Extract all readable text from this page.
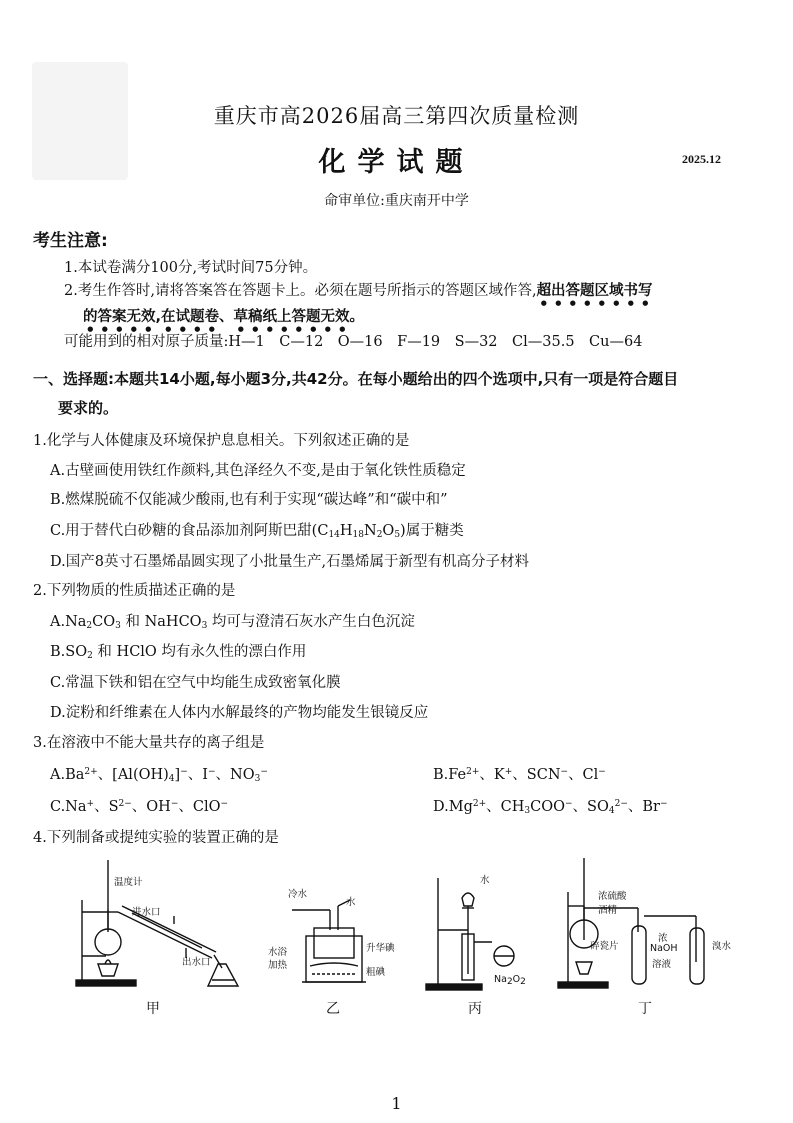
重庆市高2026届高三第四次质量检测
化学试题	2025.12
命审单位:重庆南开中学
考生注意:
1.本试卷满分100分,考试时间75分钟。
2.考生作答时,请将答案答在答题卡上。必须在题号所指示的答题区域作答,超出答题区域书写
的答案无效,在试题卷、草稿纸上答题无效。
可能用到的相对原子质量:H—1　C—12　O—16　F—19　S—32　Cl—35.5　Cu—64
一、选择题:本题共14小题,每小题3分,共42分。在每小题给出的四个选项中,只有一项是符合题目
要求的。
1.化学与人体健康及环境保护息息相关。下列叙述正确的是
A.古壁画使用铁红作颜料,其色泽经久不变,是由于氧化铁性质稳定
B.燃煤脱硫不仅能减少酸雨,也有利于实现“碳达峰”和“碳中和”
C.用于替代白砂糖的食品添加剂阿斯巴甜$(C_{14}H_{18}N_2O_5)$属于糖类
D.国产8英寸石墨烯晶圆实现了小批量生产,石墨烯属于新型有机高分子材料
2.下列物质的性质描述正确的是
$A.Na_2CO_3$ 和 NaHCO$_3$ 均可与澄清石灰水产生白色沉淀
$B.SO_2$ 和 HClO 均有永久性的漂白作用
C.常温下铁和铝在空气中均能生成致密氧化膜
D.淀粉和纤维素在人体内水解最终的产物均能发生银镜反应
3.在溶液中不能大量共存的离子组是
$A.Ba^{2+}$、$[Al(OH)_4]^-$、I−、$NO_3^-$	$B.Fe^{2+}$、K+、SCN−、Cl−
C.Na+、$S^{2-}$、OH−、ClO−	$D.Mg^{2+}$、$CH_3COO^-$、$SO_4^{2-}$、Br−
4.下列制备或提纯实验的装置正确的是
温度计
进水口
出水口
甲
冷水
水
水浴
加热
升华碘
粗碘
乙
水
$Na_2O_2$
丙
浓硫酸
酒精
碎瓷片
浓
NaOH
溶液
溴水
丁
1
